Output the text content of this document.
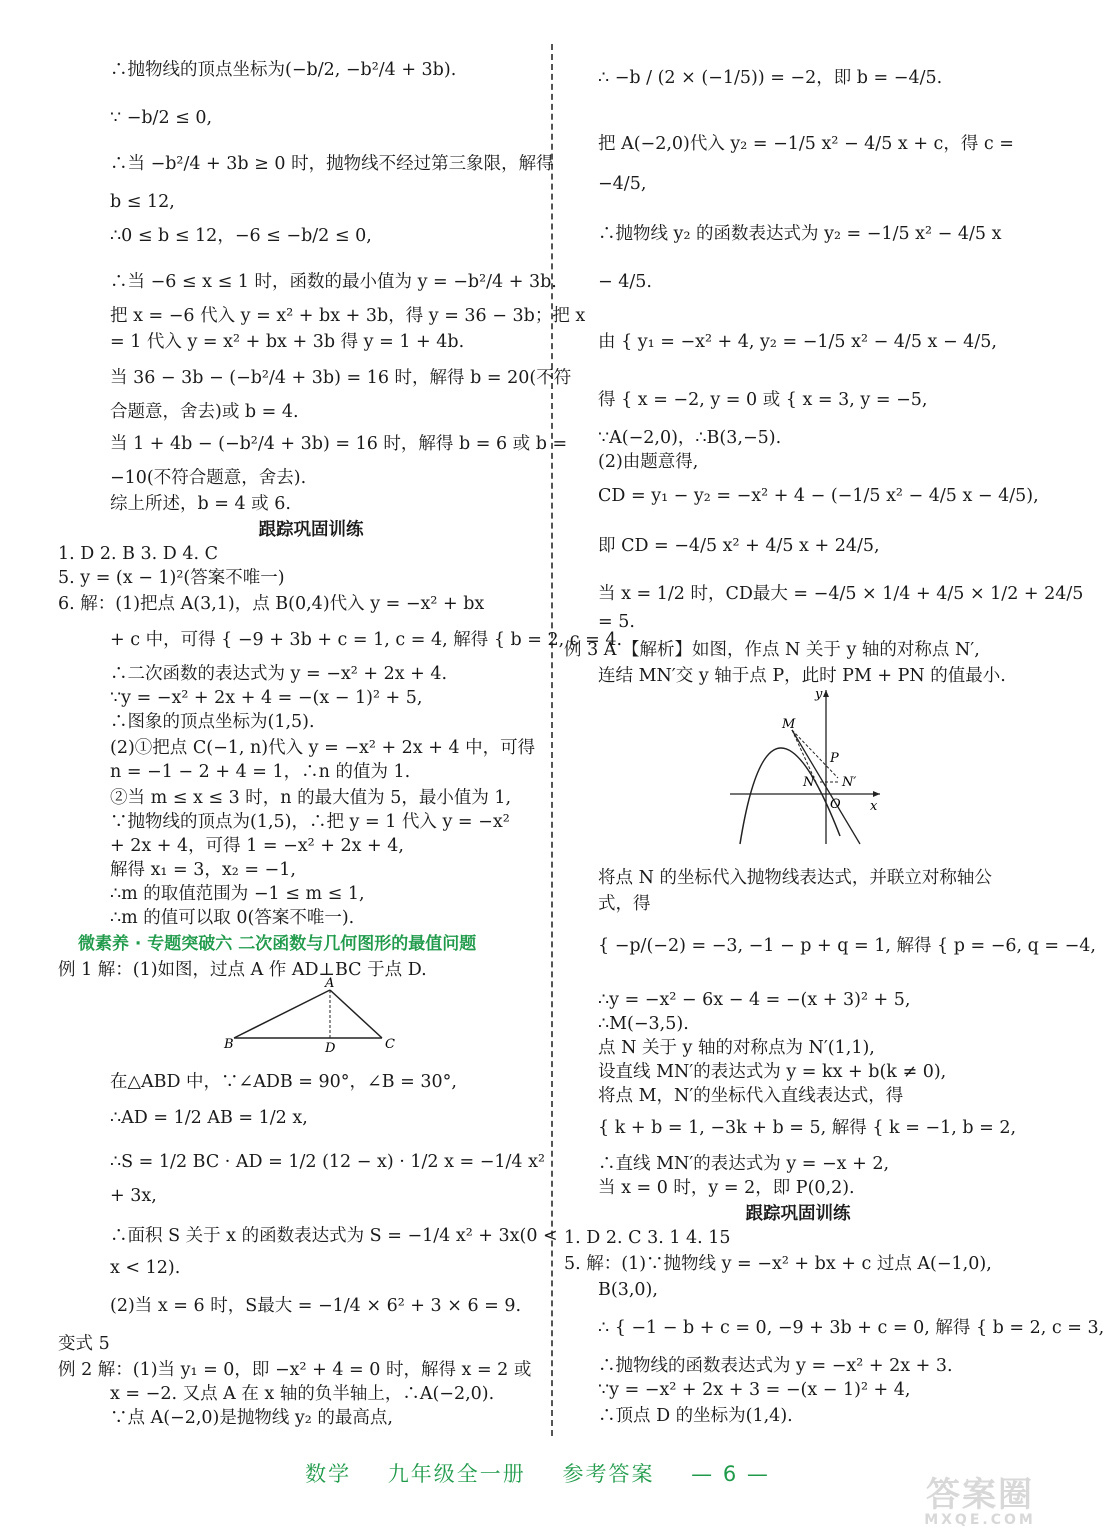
∴抛物线的顶点坐标为(−b/2, −b²/4 + 3b).
∵ −b/2 ≤ 0,
∴当 −b²/4 + 3b ≥ 0 时，抛物线不经过第三象限，解得
b ≤ 12,
∴0 ≤ b ≤ 12，−6 ≤ −b/2 ≤ 0,
∴当 −6 ≤ x ≤ 1 时，函数的最小值为 y = −b²/4 + 3b.
把 x = −6 代入 y = x² + bx + 3b，得 y = 36 − 3b；把 x
= 1 代入 y = x² + bx + 3b 得 y = 1 + 4b.
当 36 − 3b − (−b²/4 + 3b) = 16 时，解得 b = 20(不符
合题意，舍去)或 b = 4.
当 1 + 4b − (−b²/4 + 3b) = 16 时，解得 b = 6 或 b =
−10(不符合题意，舍去).
综上所述，b = 4 或 6.
跟踪巩固训练
1. D 2. B 3. D 4. C
5. y = (x − 1)²(答案不唯一)
6. 解：(1)把点 A(3,1)，点 B(0,4)代入 y = −x² + bx
+ c 中，可得 { −9 + 3b + c = 1, c = 4, 解得 { b = 2, c = 4.
∴二次函数的表达式为 y = −x² + 2x + 4.
∵y = −x² + 2x + 4 = −(x − 1)² + 5,
∴图象的顶点坐标为(1,5).
(2)①把点 C(−1, n)代入 y = −x² + 2x + 4 中，可得
n = −1 − 2 + 4 = 1，∴n 的值为 1.
②当 m ≤ x ≤ 3 时，n 的最大值为 5，最小值为 1,
∵抛物线的顶点为(1,5)，∴把 y = 1 代入 y = −x²
+ 2x + 4，可得 1 = −x² + 2x + 4,
解得 x₁ = 3，x₂ = −1,
∴m 的取值范围为 −1 ≤ m ≤ 1,
∴m 的值可以取 0(答案不唯一).
微素养 · 专题突破六 二次函数与几何图形的最值问题
例 1 解：(1)如图，过点 A 作 AD⊥BC 于点 D.
A
B	D	C
在△ABD 中，∵∠ADB = 90°，∠B = 30°,
∴AD = 1/2 AB = 1/2 x,
∴S = 1/2 BC · AD = 1/2 (12 − x) · 1/2 x = −1/4 x²
+ 3x,
∴面积 S 关于 x 的函数表达式为 S = −1/4 x² + 3x(0 <
x < 12).
(2)当 x = 6 时，S最大 = −1/4 × 6² + 3 × 6 = 9.
变式 5
例 2 解：(1)当 y₁ = 0，即 −x² + 4 = 0 时，解得 x = 2 或
x = −2. 又点 A 在 x 轴的负半轴上，∴A(−2,0).
∵点 A(−2,0)是抛物线 y₂ 的最高点,
∴ −b / (2 × (−1/5)) = −2，即 b = −4/5.
把 A(−2,0)代入 y₂ = −1/5 x² − 4/5 x + c，得 c =
−4/5,
∴抛物线 y₂ 的函数表达式为 y₂ = −1/5 x² − 4/5 x
− 4/5.
由 { y₁ = −x² + 4, y₂ = −1/5 x² − 4/5 x − 4/5,
得 { x = −2, y = 0 或 { x = 3, y = −5,
∵A(−2,0)，∴B(3,−5).
(2)由题意得,
CD = y₁ − y₂ = −x² + 4 − (−1/5 x² − 4/5 x − 4/5),
即 CD = −4/5 x² + 4/5 x + 24/5,
当 x = 1/2 时，CD最大 = −4/5 × 1/4 + 4/5 × 1/2 + 24/5
= 5.
例 3 A 【解析】如图，作点 N 关于 y 轴的对称点 N′,
连结 MN′交 y 轴于点 P，此时 PM + PN 的值最小.
y
M
P
N N′
O x
将点 N 的坐标代入抛物线表达式，并联立对称轴公
式，得
{ −p/(−2) = −3, −1 − p + q = 1, 解得 { p = −6, q = −4,
∴y = −x² − 6x − 4 = −(x + 3)² + 5,
∴M(−3,5).
点 N 关于 y 轴的对称点为 N′(1,1),
设直线 MN′的表达式为 y = kx + b(k ≠ 0),
将点 M，N′的坐标代入直线表达式，得
{ k + b = 1, −3k + b = 5, 解得 { k = −1, b = 2,
∴直线 MN′的表达式为 y = −x + 2,
当 x = 0 时，y = 2，即 P(0,2).
跟踪巩固训练
1. D 2. C 3. 1 4. 15
5. 解：(1)∵抛物线 y = −x² + bx + c 过点 A(−1,0),
B(3,0),
∴ { −1 − b + c = 0, −9 + 3b + c = 0, 解得 { b = 2, c = 3,
∴抛物线的函数表达式为 y = −x² + 2x + 3.
∵y = −x² + 2x + 3 = −(x − 1)² + 4,
∴顶点 D 的坐标为(1,4).
数学 九年级全一册 参考答案 — 6 —
答案圈
MXQE.COM
